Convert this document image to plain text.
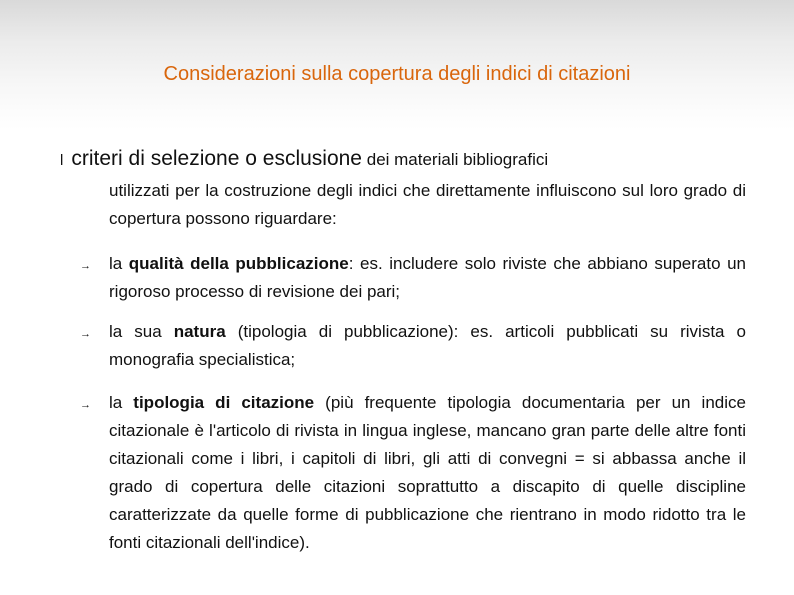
Considerazioni sulla copertura degli indici di citazioni
l criteri di selezione o esclusione dei materiali bibliografici
utilizzati per la costruzione degli indici che direttamente influiscono sul loro grado di copertura possono riguardare:
→	la qualità della pubblicazione: es. includere solo riviste che abbiano superato un rigoroso processo di revisione dei pari;
→	la sua natura (tipologia di pubblicazione): es. articoli pubblicati su rivista o monografia specialistica;
→	la tipologia di citazione (più frequente tipologia documentaria per un indice citazionale è l'articolo di rivista in lingua inglese, mancano gran parte delle altre fonti citazionali come i libri, i capitoli di libri, gli atti di convegni = si abbassa anche il grado di copertura delle citazioni soprattutto a discapito di quelle discipline caratterizzate da quelle forme di pubblicazione che rientrano in modo ridotto tra le fonti citazionali dell'indice).
